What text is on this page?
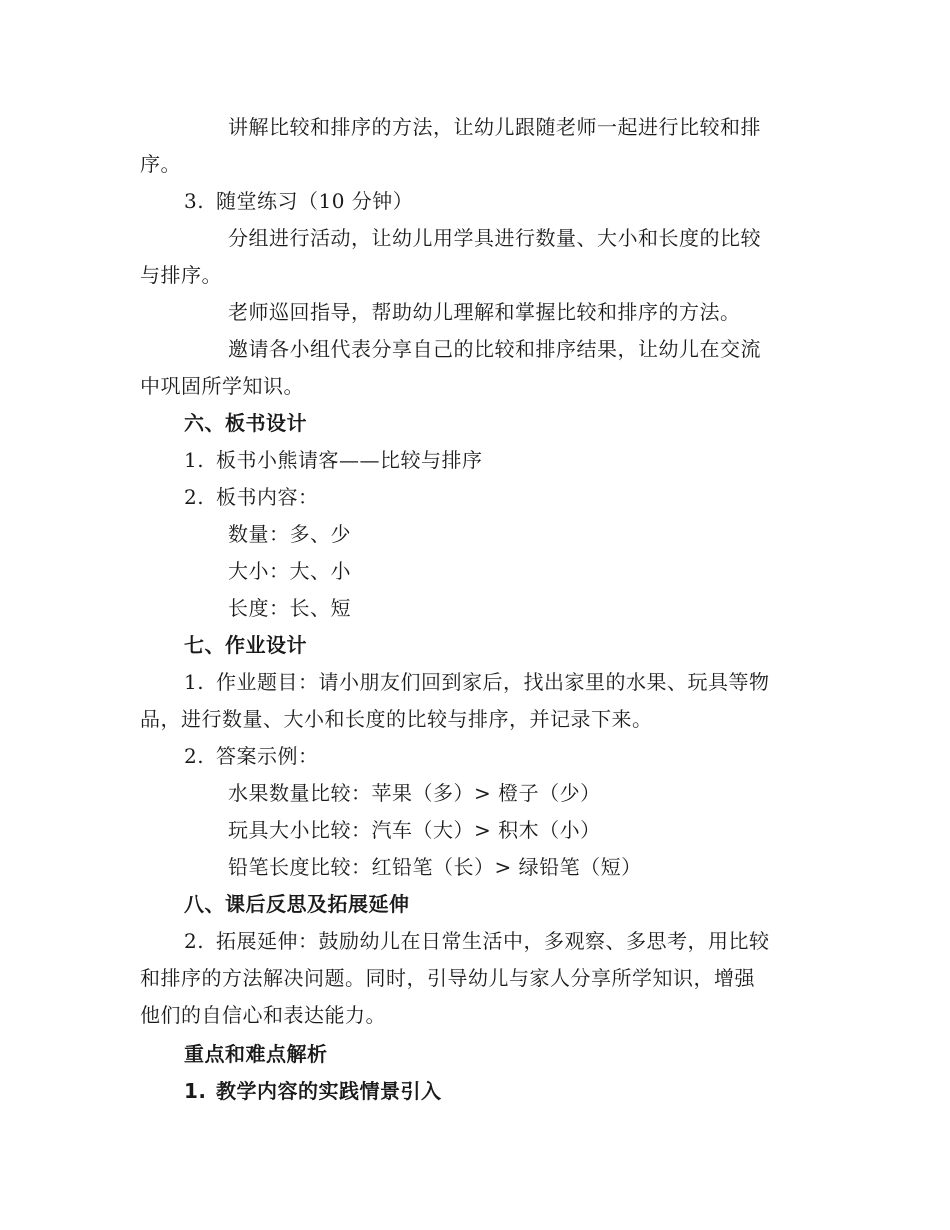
讲解比较和排序的方法，让幼儿跟随老师一起进行比较和排
序。
3. 随堂练习（10 分钟）
分组进行活动，让幼儿用学具进行数量、大小和长度的比较
与排序。
老师巡回指导，帮助幼儿理解和掌握比较和排序的方法。
邀请各小组代表分享自己的比较和排序结果，让幼儿在交流
中巩固所学知识。
六、板书设计
1. 板书小熊请客——比较与排序
2. 板书内容：
数量：多、少
大小：大、小
长度：长、短
七、作业设计
1. 作业题目：请小朋友们回到家后，找出家里的水果、玩具等物
品，进行数量、大小和长度的比较与排序，并记录下来。
2. 答案示例：
水果数量比较：苹果（多）> 橙子（少）
玩具大小比较：汽车（大）> 积木（小）
铅笔长度比较：红铅笔（长）> 绿铅笔（短）
八、课后反思及拓展延伸
2. 拓展延伸：鼓励幼儿在日常生活中，多观察、多思考，用比较
和排序的方法解决问题。同时，引导幼儿与家人分享所学知识，增强
他们的自信心和表达能力。
重点和难点解析
1. 教学内容的实践情景引入
